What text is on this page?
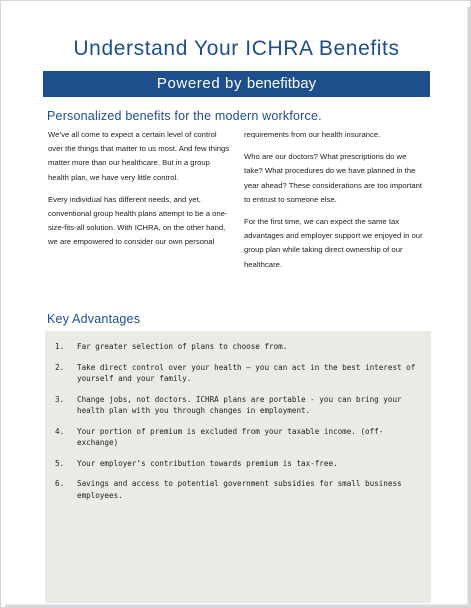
Understand Your ICHRA Benefits
Powered by benefitbay
Personalized benefits for the modern workforce.

We’ve all come to expect a certain level of control over the things that matter to us most. And few things matter more than our healthcare. But in a group health plan, we have very little control.

Every individual has different needs, and yet, conventional group health plans attempt to be a one-size-fits-all solution. With ICHRA, on the other hand, we are empowered to consider our own personal

requirements from our health insurance.

Who are our doctors? What prescriptions do we take? What procedures do we have planned in the year ahead? These considerations are too important to entrust to someone else.

For the first time, we can expect the same tax advantages and employer support we enjoyed in our group plan while taking direct ownership of our healthcare.

Key Advantages
1.	Far greater selection of plans to choose from.
2.	Take direct control over your health – you can act in the best interest of yourself and your family.
3.	Change jobs, not doctors. ICHRA plans are portable - you can bring your health plan with you through changes in employment.
4.	Your portion of premium is excluded from your taxable income. (off-exchange)
5.	Your employer’s contribution towards premium is tax-free.
6.	Savings and access to potential government subsidies for small business employees.
